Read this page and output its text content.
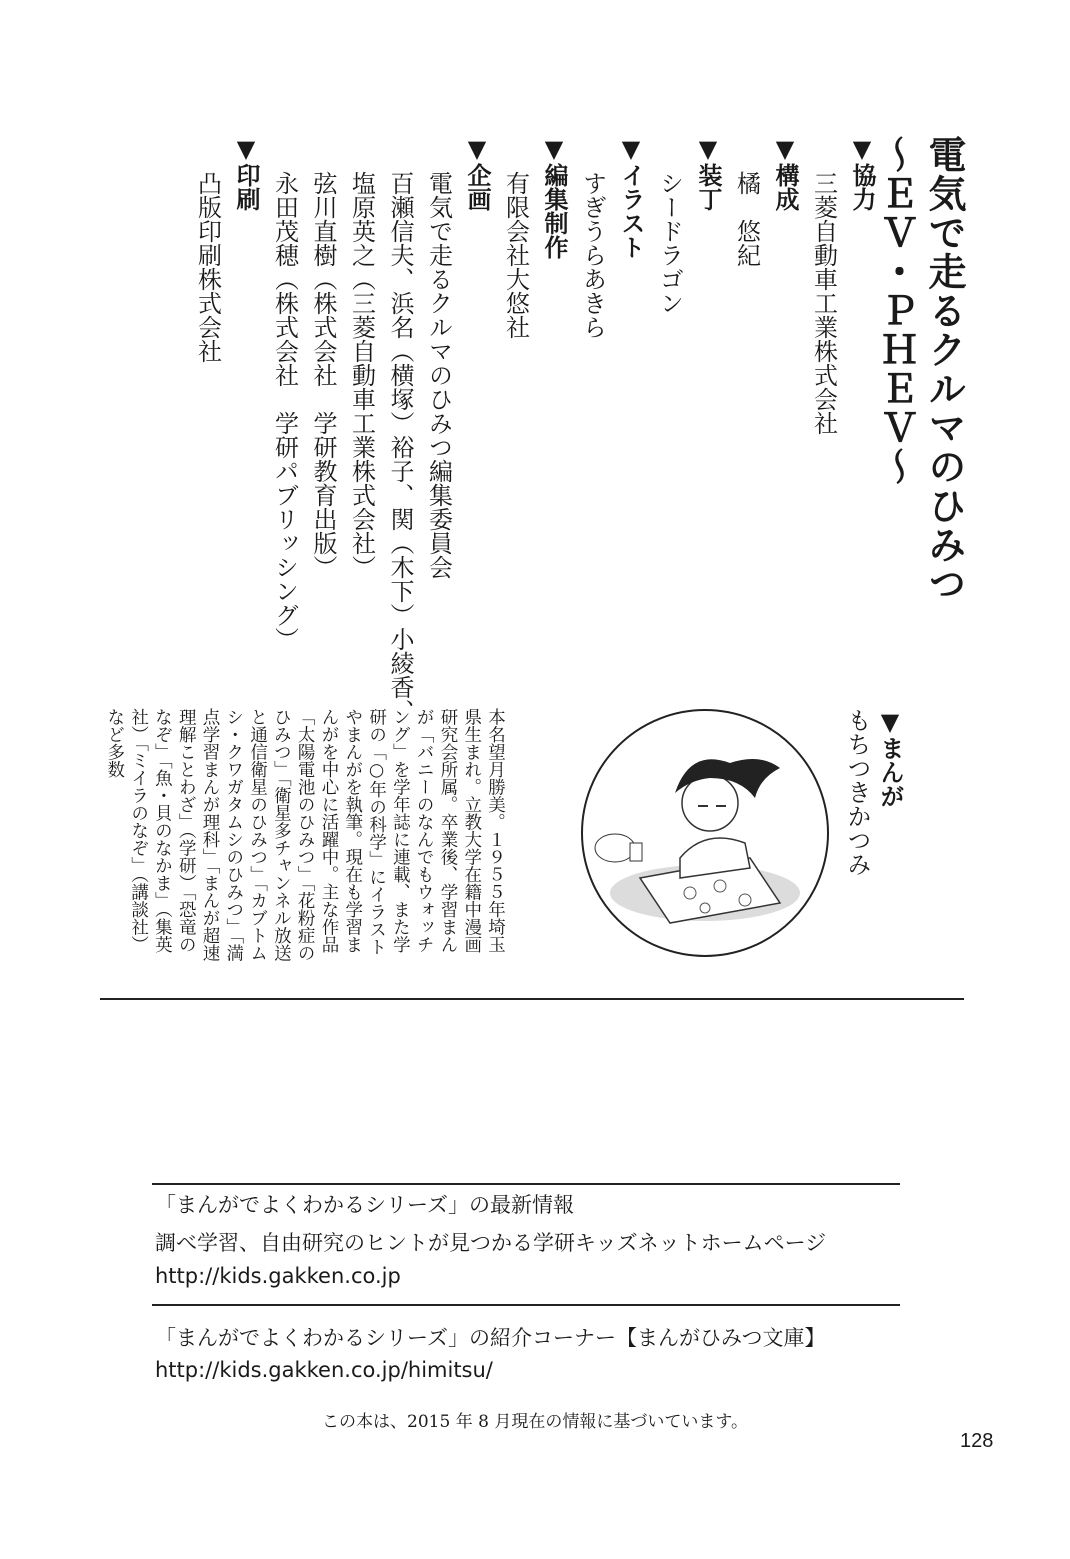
電気で走るクルマのひみつ
〜ＥＶ・ＰＨＥＶ〜
▼協力
三菱自動車工業株式会社
▼構成
橘　悠紀
▼装丁
シードラゴン
▼イラスト
すぎうらあきら
▼編集制作
有限会社大悠社
▼企画
電気で走るクルマのひみつ編集委員会
百瀬信夫、浜名（横塚）裕子、関（木下）小綾香、
塩原英之（三菱自動車工業株式会社）
弦川直樹（株式会社　学研教育出版）
永田茂穂（株式会社　学研パブリッシング）
▼印刷
凸版印刷株式会社
▼まんが
もちつきかつみ
本名望月勝美。１９５５年埼玉県生まれ。立教大学在籍中漫画研究会所属。卒業後、学習まんが「バニーのなんでもウォッチング」を学年誌に連載、また学研の「○年の科学」にイラストやまんがを執筆。現在も学習まんがを中心に活躍中。主な作品「太陽電池のひみつ」「花粉症のひみつ」「衛星多チャンネル放送と通信衛星のひみつ」「カブトムシ・クワガタムシのひみつ」「満点学習まんが理科」「まんが超速理解ことわざ」（学研）「恐竜のなぞ」「魚・貝のなかま」（集英社）「ミイラのなぞ」（講談社）など多数
「まんがでよくわかるシリーズ」の最新情報
調べ学習、自由研究のヒントが見つかる学研キッズネットホームページ
http://kids.gakken.co.jp
「まんがでよくわかるシリーズ」の紹介コーナー【まんがひみつ文庫】
http://kids.gakken.co.jp/himitsu/
この本は、2015 年 8 月現在の情報に基づいています。
128
